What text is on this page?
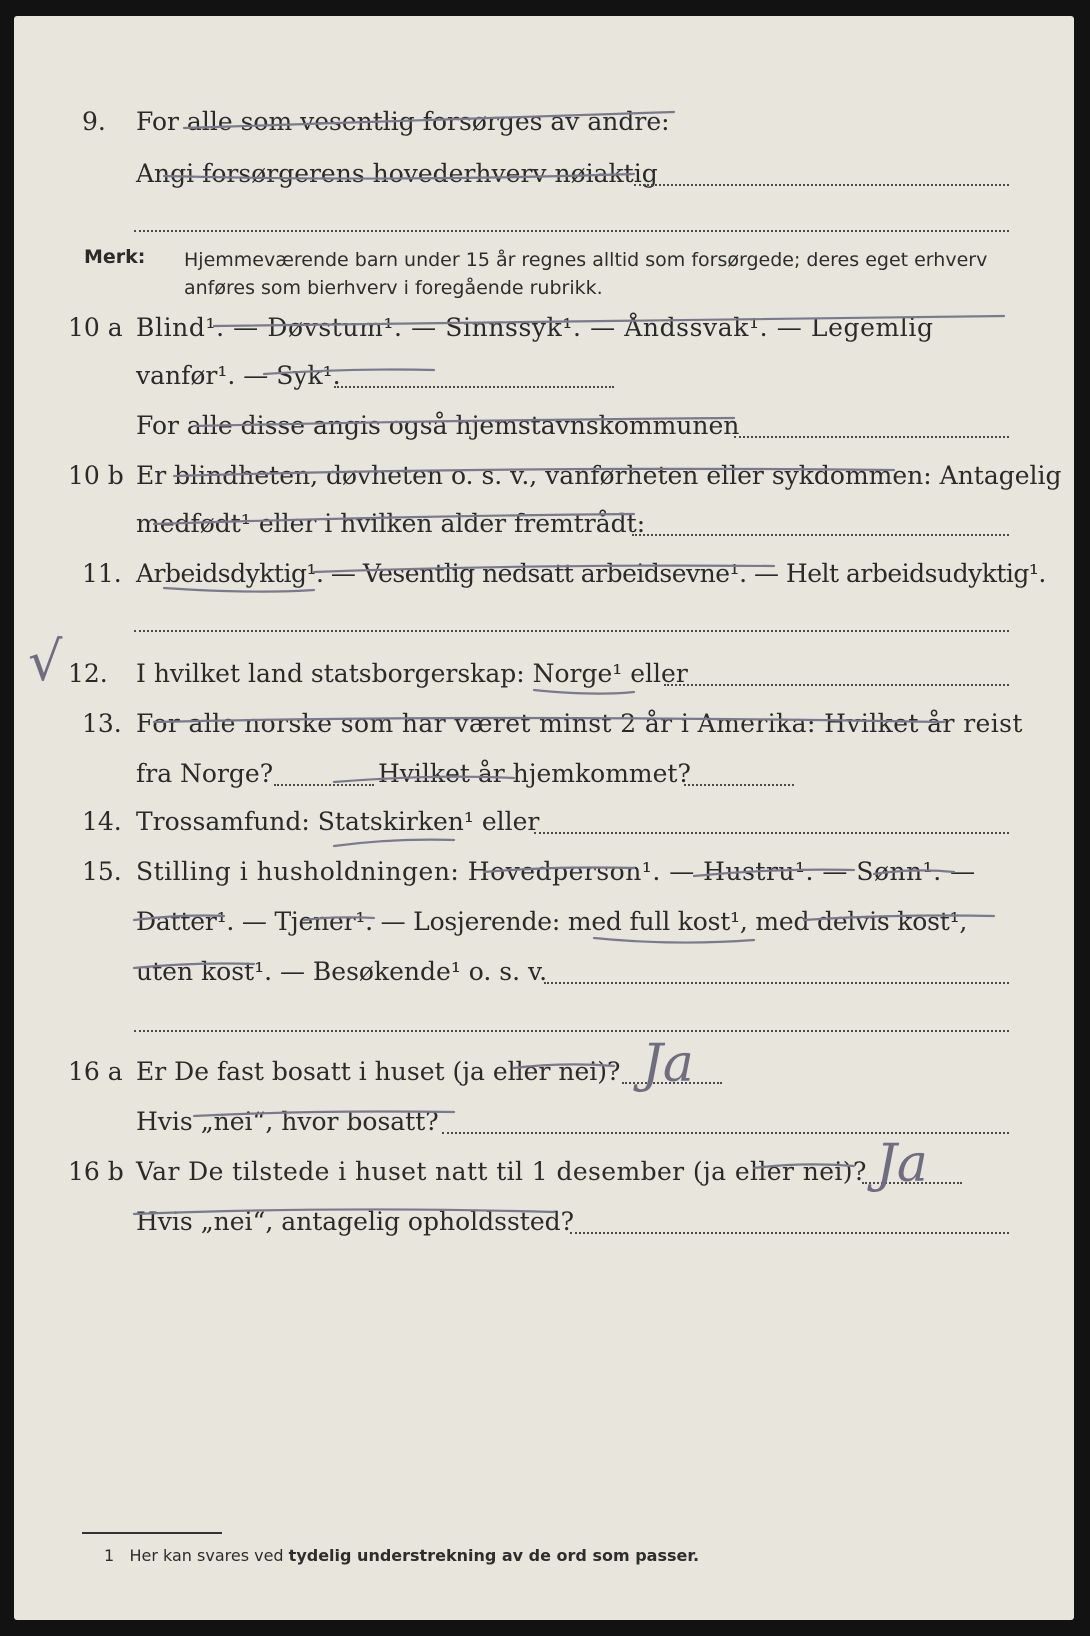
9. For alle som vesentlig forsørges av andre:
Angi forsørgerens hovederhverv nøiaktig
Merk: Hjemmeværende barn under 15 år regnes alltid som forsørgede; deres eget erhverv anføres som bierhverv i foregående rubrikk.
10 a Blind¹. — Døvstum¹. — Sinnssyk¹. — Åndssvak¹. — Legemlig
vanfør¹. — Syk¹.
For alle disse angis også hjemstavnskommunen
10 b Er blindheten, døvheten o. s. v., vanførheten eller sykdommen: Antagelig
medfødt¹ eller i hvilken alder fremtrådt:
11. Arbeidsdyktig¹. — Vesentlig nedsatt arbeidsevne¹. — Helt arbeidsudyktig¹.
12. I hvilket land statsborgerskap: Norge¹ eller
13. For alle norske som har været minst 2 år i Amerika: Hvilket år reist
fra Norge?	Hvilket år hjemkommet?
14. Trossamfund: Statskirken¹ eller
15. Stilling i husholdningen: Hovedperson¹. — Hustru¹. — Sønn¹. —
Datter¹. — Tjener¹. — Losjerende: med full kost¹, med delvis kost¹,
uten kost¹. — Besøkende¹ o. s. v.
16 a Er De fast bosatt i huset (ja eller nei)?
Hvis „nei“, hvor bosatt?
16 b Var De tilstede i huset natt til 1 desember (ja eller nei)?
Hvis „nei“, antagelig opholdssted?
Ja
Ja
√
1 Her kan svares ved tydelig understrekning av de ord som passer.
